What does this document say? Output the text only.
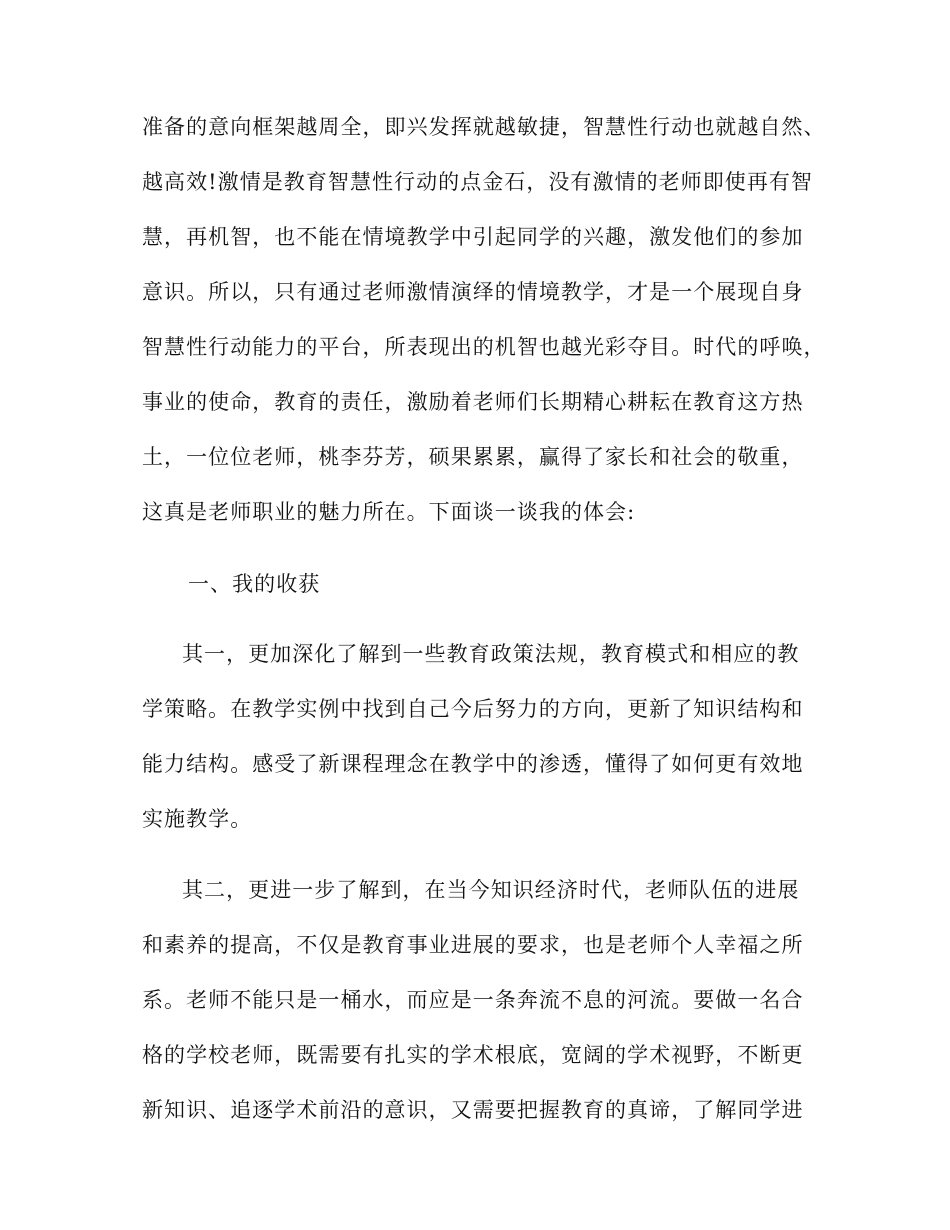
准备的意向框架越周全，即兴发挥就越敏捷，智慧性行动也就越自然、
越高效!激情是教育智慧性行动的点金石，没有激情的老师即使再有智
慧，再机智，也不能在情境教学中引起同学的兴趣，激发他们的参加
意识。所以，只有通过老师激情演绎的情境教学，才是一个展现自身
智慧性行动能力的平台，所表现出的机智也越光彩夺目。时代的呼唤，
事业的使命，教育的责任，激励着老师们长期精心耕耘在教育这方热
土，一位位老师，桃李芬芳，硕果累累，赢得了家长和社会的敬重，
这真是老师职业的魅力所在。下面谈一谈我的体会:
一、我的收获
其一，更加深化了解到一些教育政策法规，教育模式和相应的教
学策略。在教学实例中找到自己今后努力的方向，更新了知识结构和
能力结构。感受了新课程理念在教学中的渗透，懂得了如何更有效地
实施教学。
其二，更进一步了解到，在当今知识经济时代，老师队伍的进展
和素养的提高，不仅是教育事业进展的要求，也是老师个人幸福之所
系。老师不能只是一桶水，而应是一条奔流不息的河流。要做一名合
格的学校老师，既需要有扎实的学术根底，宽阔的学术视野，不断更
新知识、追逐学术前沿的意识，又需要把握教育的真谛，了解同学进
